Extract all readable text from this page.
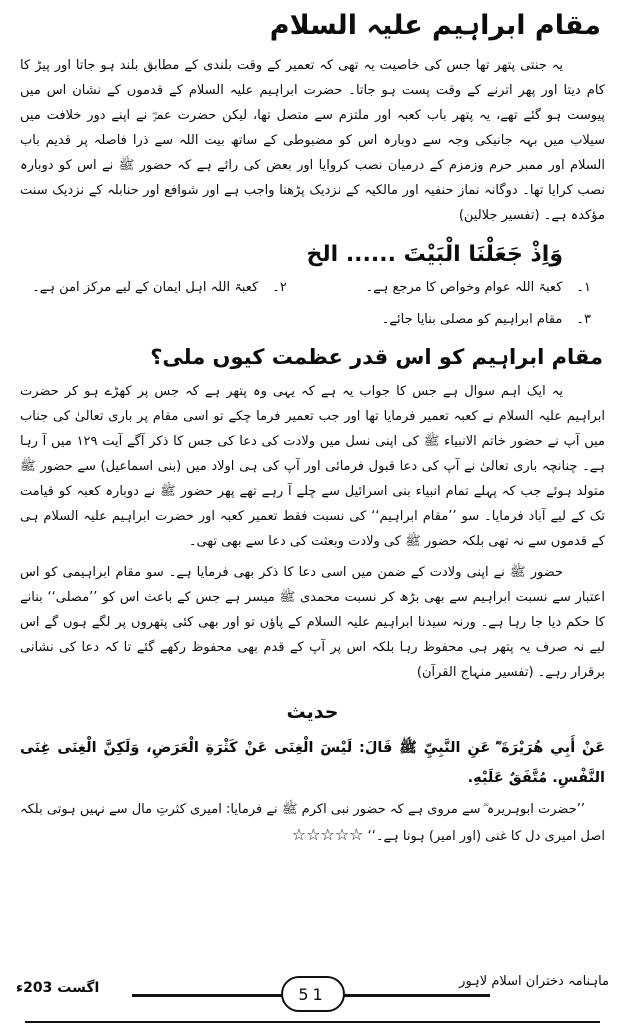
مقام ابراہیم علیہ السلام

یہ جنتی پتھر تھا جس کی خاصیت یہ تھی کہ تعمیر کے وقت بلندی کے مطابق بلند ہو جاتا اور پیڑ کا کام دیتا اور پھر اترنے کے وقت پست ہو جاتا۔ حضرت ابراہیم علیہ السلام کے قدموں کے نشان اس میں پیوست ہو گئے تھے، یہ پتھر باب کعبہ اور ملتزم سے متصل تھا، لیکن حضرت عمرؓ نے اپنے دور خلافت میں سیلاب میں بہہ جانیکی وجہ سے دوبارہ اس کو مضبوطی کے ساتھ بیت اللہ سے ذرا فاصلہ پر قدیم باب السلام اور ممبر حرم وزمزم کے درمیان نصب کروایا اور بعض کی رائے ہے کہ حضور ﷺ نے اس کو دوبارہ نصب کرایا تھا۔ دوگانہ نماز حنفیہ اور مالکیہ کے نزدیک پڑھنا واجب ہے اور شوافع اور حنابلہ کے نزدیک سنت مؤکدہ ہے۔ (تفسیر جلالین)

وَاِذْ جَعَلْنَا الْبَيْتَ ...... الخ
۱۔
کعبۃ اللہ عوام وخواص کا مرجع ہے۔
۲۔
کعبۃ اللہ اہل ایمان کے لیے مرکز امن ہے۔
۳۔
مقام ابراہیم کو مصلی بنایا جائے۔
مقام ابراہیم کو اس قدر عظمت کیوں ملی؟

یہ ایک اہم سوال ہے جس کا جواب یہ ہے کہ یہی وہ پتھر ہے کہ جس پر کھڑے ہو کر حضرت ابراہیم علیہ السلام نے کعبہ تعمیر فرمایا تھا اور جب تعمیر فرما چکے تو اسی مقام پر باری تعالیٰ کی جناب میں آپ نے حضور خاتم الانبیاء ﷺ کی اپنی نسل میں ولادت کی دعا کی جس کا ذکر آگے آیت ۱۲۹ میں آ رہا ہے۔ چنانچہ باری تعالیٰ نے آپ کی دعا قبول فرمائی اور آپ کی ہی اولاد میں (بنی اسماعیل) سے حضور ﷺ متولد ہوئے جب کہ پہلے تمام انبیاء بنی اسرائیل سے چلے آ رہے تھے پھر حضور ﷺ نے دوبارہ کعبہ کو قیامت تک کے لیے آباد فرمایا۔ سو ’’مقام ابراہیم‘‘ کی نسبت فقط تعمیر کعبہ اور حضرت ابراہیم علیہ السلام ہی کے قدموں سے نہ تھی بلکہ حضور ﷺ کی ولادت وبعثت کی دعا سے بھی تھی۔

حضور ﷺ نے اپنی ولادت کے ضمن میں اسی دعا کا ذکر بھی فرمایا ہے۔ سو مقام ابراہیمی کو اس اعتبار سے نسبت ابراہیم سے بھی بڑھ کر نسبت محمدی ﷺ میسر ہے جس کے باعث اس کو ’’مصلی‘‘ بنانے کا حکم دیا جا رہا ہے۔ ورنہ سیدنا ابراہیم علیہ السلام کے پاؤں تو اور بھی کئی پتھروں پر لگے ہوں گے اس لیے نہ صرف یہ پتھر ہی محفوظ رہا بلکہ اس پر آپ کے قدم بھی محفوظ رکھے گئے تا کہ دعا کی نشانی برقرار رہے۔ (تفسیر منہاج القرآن)

حدیث

عَنْ أَبِي هُرَيْرَةَ ؓ عَنِ النَّبِيِّ ﷺ قَالَ: لَيْسَ الْغِنَى عَنْ كَثْرَةِ الْعَرَضِ، وَلَكِنَّ الْغِنَى غِنَى النَّفْسِ. مُتَّفَقٌ عَلَيْهِ.

’’حضرت ابوہریرہ ؓ سے مروی ہے کہ حضور نبی اکرم ﷺ نے فرمایا: امیری کثرتِ مال سے نہیں ہوتی بلکہ اصل امیری دل کا غنی (اور امیر) ہونا ہے۔‘‘ ☆☆☆☆☆

ماہنامہ دختران اسلام لاہور
51
اگست 203ء
